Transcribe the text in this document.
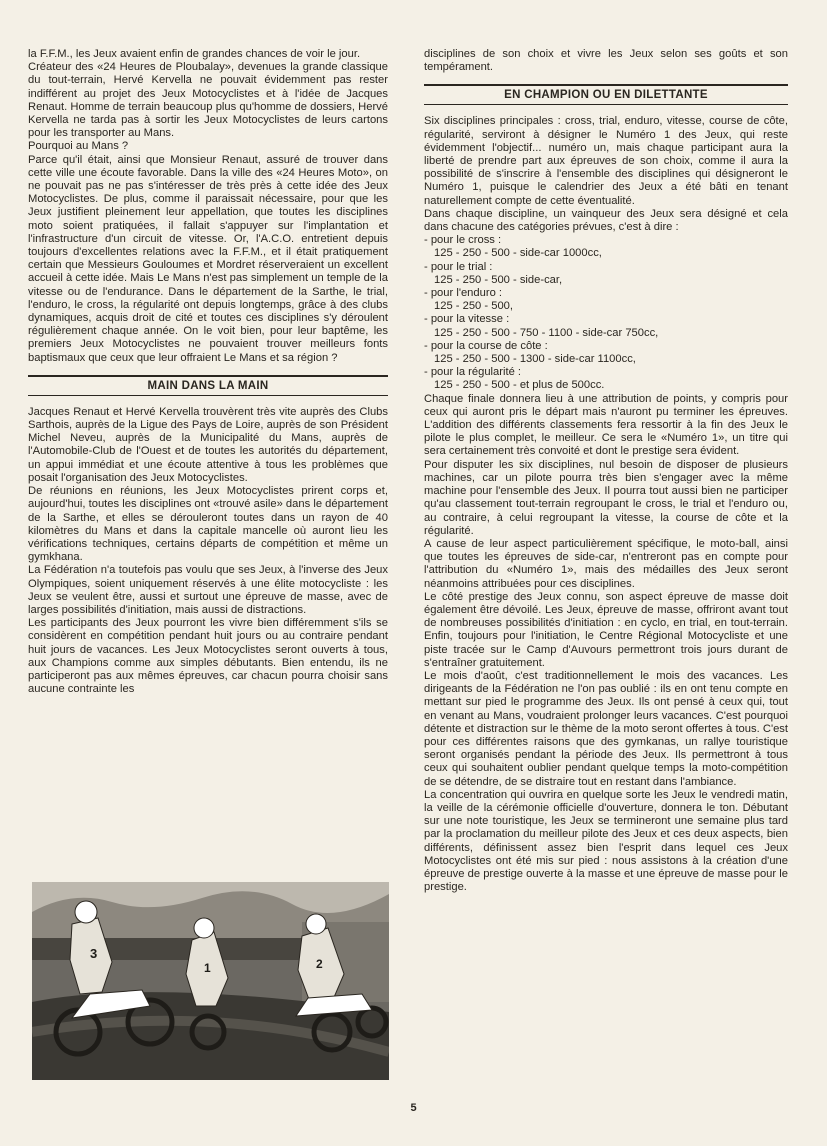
la F.F.M., les Jeux avaient enfin de grandes chances de voir le jour.

Créateur des «24 Heures de Ploubalay», devenues la grande classique du tout-terrain, Hervé Kervella ne pouvait évidemment pas rester indifférent au projet des Jeux Motocyclistes et à l'idée de Jacques Renaut. Homme de terrain beaucoup plus qu'homme de dossiers, Hervé Kervella ne tarda pas à sortir les Jeux Motocyclistes de leurs cartons pour les transporter au Mans.

Pourquoi au Mans ?

Parce qu'il était, ainsi que Monsieur Renaut, assuré de trouver dans cette ville une écoute favorable. Dans la ville des «24 Heures Moto», on ne pouvait pas ne pas s'intéresser de très près à cette idée des Jeux Motocyclistes. De plus, comme il paraissait nécessaire, pour que les Jeux justifient pleinement leur appellation, que toutes les disciplines moto soient pratiquées, il fallait s'appuyer sur l'implantation et l'infrastructure d'un circuit de vitesse. Or, l'A.C.O. entretient depuis toujours d'excellentes relations avec la F.F.M., et il était pratiquement certain que Messieurs Gouloumes et Mordret réserveraient un excellent accueil à cette idée. Mais Le Mans n'est pas simplement un temple de la vitesse ou de l'endurance. Dans le département de la Sarthe, le trial, l'enduro, le cross, la régularité ont depuis longtemps, grâce à des clubs dynamiques, acquis droit de cité et toutes ces disciplines s'y déroulent régulièrement chaque année. On le voit bien, pour leur baptême, les premiers Jeux Motocyclistes ne pouvaient trouver meilleurs fonts baptismaux que ceux que leur offraient Le Mans et sa région ?

MAIN DANS LA MAIN

Jacques Renaut et Hervé Kervella trouvèrent très vite auprès des Clubs Sarthois, auprès de la Ligue des Pays de Loire, auprès de son Président Michel Neveu, auprès de la Municipalité du Mans, auprès de l'Automobile-Club de l'Ouest et de toutes les autorités du département, un appui immédiat et une écoute attentive à tous les problèmes que posait l'organisation des Jeux Motocyclistes.

De réunions en réunions, les Jeux Motocyclistes prirent corps et, aujourd'hui, toutes les disciplines ont «trouvé asile» dans le département de la Sarthe, et elles se dérouleront toutes dans un rayon de 40 kilomètres du Mans et dans la capitale mancelle où auront lieu les vérifications techniques, certains départs de compétition et même un gymkhana.

La Fédération n'a toutefois pas voulu que ses Jeux, à l'inverse des Jeux Olympiques, soient uniquement réservés à une élite motocycliste : les Jeux se veulent être, aussi et surtout une épreuve de masse, avec de larges possibilités d'initiation, mais aussi de distractions.

Les participants des Jeux pourront les vivre bien différemment s'ils se considèrent en compétition pendant huit jours ou au contraire pendant huit jours de vacances. Les Jeux Motocyclistes seront ouverts à tous, aux Champions comme aux simples débutants. Bien entendu, ils ne participeront pas aux mêmes épreuves, car chacun pourra choisir sans aucune contrainte les

3
1	2

disciplines de son choix et vivre les Jeux selon ses goûts et son tempérament.

EN CHAMPION OU EN DILETTANTE

Six disciplines principales : cross, trial, enduro, vitesse, course de côte, régularité, serviront à désigner le Numéro 1 des Jeux, qui reste évidemment l'objectif... numéro un, mais chaque participant aura la liberté de prendre part aux épreuves de son choix, comme il aura la possibilité de s'inscrire à l'ensemble des disciplines qui désigneront le Numéro 1, puisque le calendrier des Jeux a été bâti en tenant naturellement compte de cette éventualité.

Dans chaque discipline, un vainqueur des Jeux sera désigné et cela dans chacune des catégories prévues, c'est à dire :

- pour le cross :

125 - 250 - 500 - side-car 1000cc,

- pour le trial :

125 - 250 - 500 - side-car,

- pour l'enduro :

125 - 250 - 500,

- pour la vitesse :

125 - 250 - 500 - 750 - 1100 - side-car 750cc,

- pour la course de côte :

125 - 250 - 500 - 1300 - side-car 1100cc,

- pour la régularité :

125 - 250 - 500 - et plus de 500cc.

Chaque finale donnera lieu à une attribution de points, y compris pour ceux qui auront pris le départ mais n'auront pu terminer les épreuves. L'addition des différents classements fera ressortir à la fin des Jeux le pilote le plus complet, le meilleur. Ce sera le «Numéro 1», un titre qui sera certainement très convoité et dont le prestige sera évident.

Pour disputer les six disciplines, nul besoin de disposer de plusieurs machines, car un pilote pourra très bien s'engager avec la même machine pour l'ensemble des Jeux. Il pourra tout aussi bien ne participer qu'au classement tout-terrain regroupant le cross, le trial et l'enduro ou, au contraire, à celui regroupant la vitesse, la course de côte et la régularité.

A cause de leur aspect particulièrement spécifique, le moto-ball, ainsi que toutes les épreuves de side-car, n'entreront pas en compte pour l'attribution du «Numéro 1», mais des médailles des Jeux seront néanmoins attribuées pour ces disciplines.

Le côté prestige des Jeux connu, son aspect épreuve de masse doit également être dévoilé. Les Jeux, épreuve de masse, offriront avant tout de nombreuses possibilités d'initiation : en cyclo, en trial, en tout-terrain. Enfin, toujours pour l'initiation, le Centre Régional Motocycliste et une piste tracée sur le Camp d'Auvours permettront trois jours durant de s'entraîner gratuitement.

Le mois d'août, c'est traditionnellement le mois des vacances. Les dirigeants de la Fédération ne l'on pas oublié : ils en ont tenu compte en mettant sur pied le programme des Jeux. Ils ont pensé à ceux qui, tout en venant au Mans, voudraient prolonger leurs vacances. C'est pourquoi détente et distraction sur le thème de la moto seront offertes à tous. C'est pour ces différentes raisons que des gymkanas, un rallye touristique seront organisés pendant la période des Jeux. Ils permettront à tous ceux qui souhaitent oublier pendant quelque temps la moto-compétition de se détendre, de se distraire tout en restant dans l'ambiance.

La concentration qui ouvrira en quelque sorte les Jeux le vendredi matin, la veille de la cérémonie officielle d'ouverture, donnera le ton. Débutant sur une note touristique, les Jeux se termineront une semaine plus tard par la proclamation du meilleur pilote des Jeux et ces deux aspects, bien différents, définissent assez bien l'esprit dans lequel ces Jeux Motocyclistes ont été mis sur pied : nous assistons à la création d'une épreuve de prestige ouverte à la masse et une épreuve de masse pour le prestige.

5
